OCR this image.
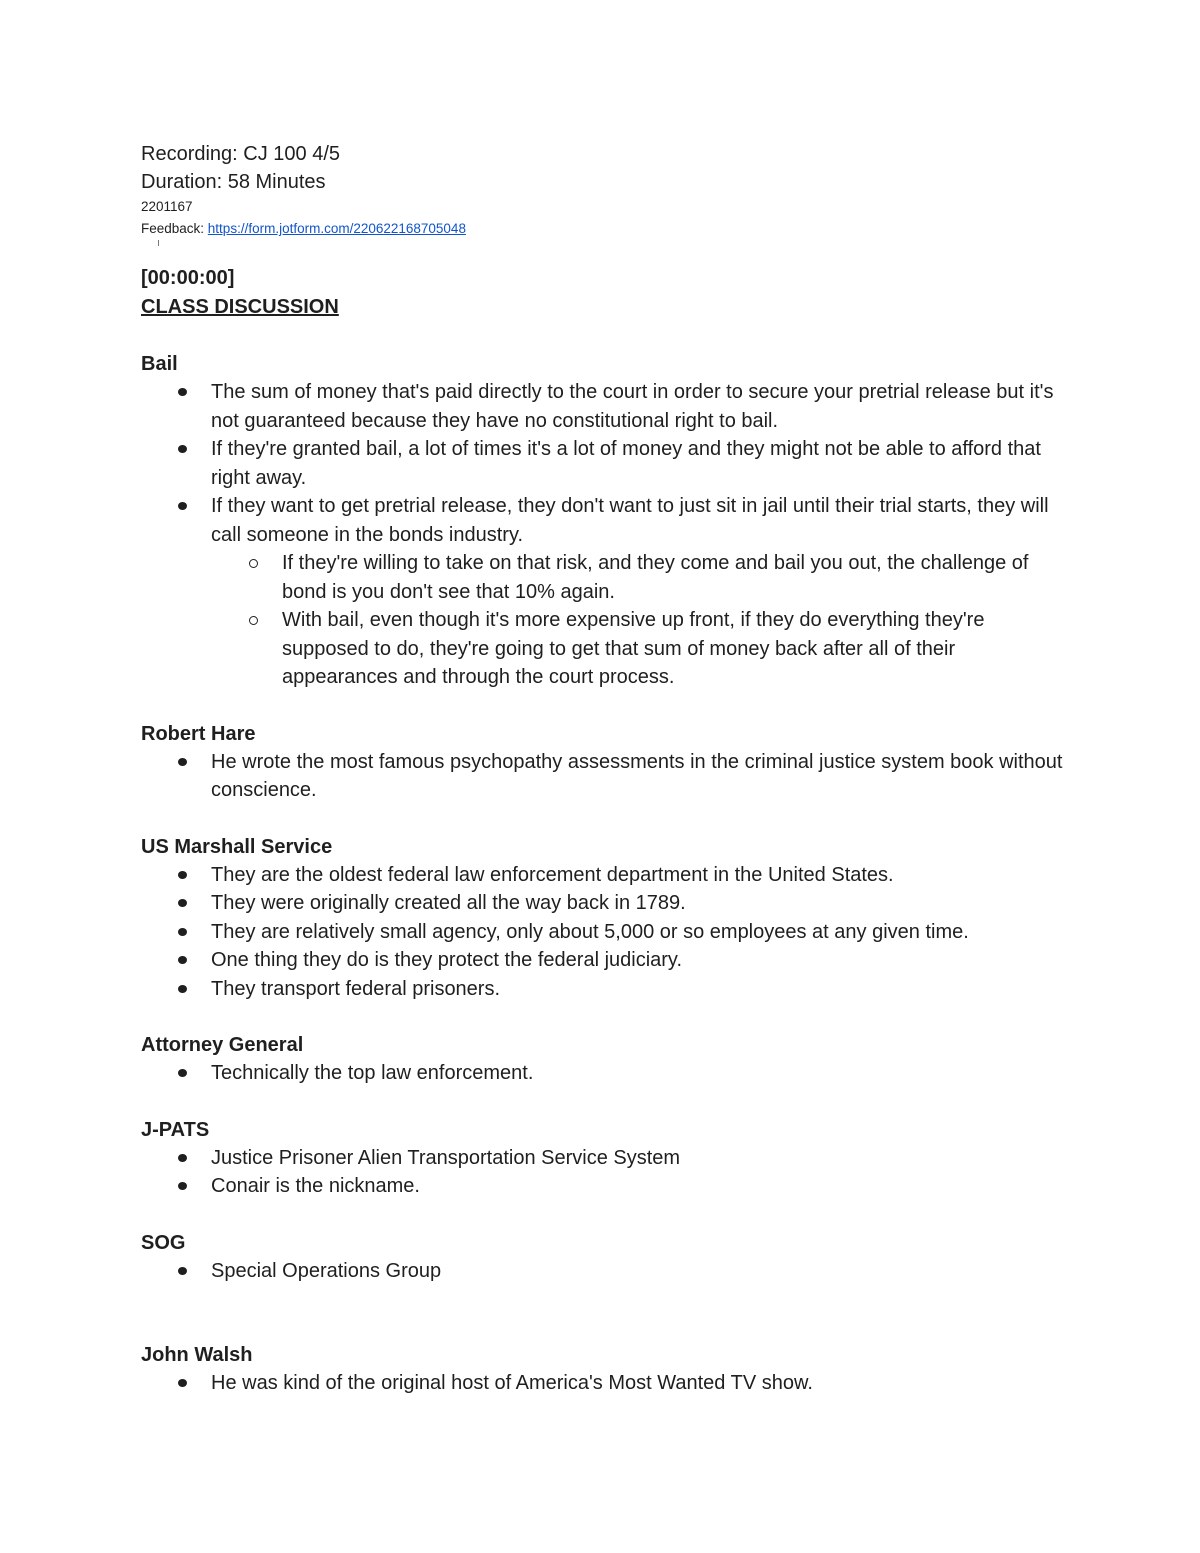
Recording: CJ 100 4/5

Duration: 58 Minutes

2201167

Feedback: https://form.jotform.com/220622168705048

[00:00:00]

CLASS DISCUSSION

Bail

The sum of money that's paid directly to the court in order to secure your pretrial release but it's not guaranteed because they have no constitutional right to bail.
If they're granted bail, a lot of times it's a lot of money and they might not be able to afford that right away.
If they want to get pretrial release, they don't want to just sit in jail until their trial starts, they will call someone in the bonds industry.
If they're willing to take on that risk, and they come and bail you out, the challenge of bond is you don't see that 10% again.
With bail, even though it's more expensive up front, if they do everything they're supposed to do, they're going to get that sum of money back after all of their appearances and through the court process.

Robert Hare

He wrote the most famous psychopathy assessments in the criminal justice system book without conscience.

US Marshall Service

They are the oldest federal law enforcement department in the United States.
They were originally created all the way back in 1789.
They are relatively small agency, only about 5,000 or so employees at any given time.
One thing they do is they protect the federal judiciary.
They transport federal prisoners.

Attorney General

Technically the top law enforcement.

J-PATS

Justice Prisoner Alien Transportation Service System
Conair is the nickname.

SOG

Special Operations Group

John Walsh

He was kind of the original host of America's Most Wanted TV show.
